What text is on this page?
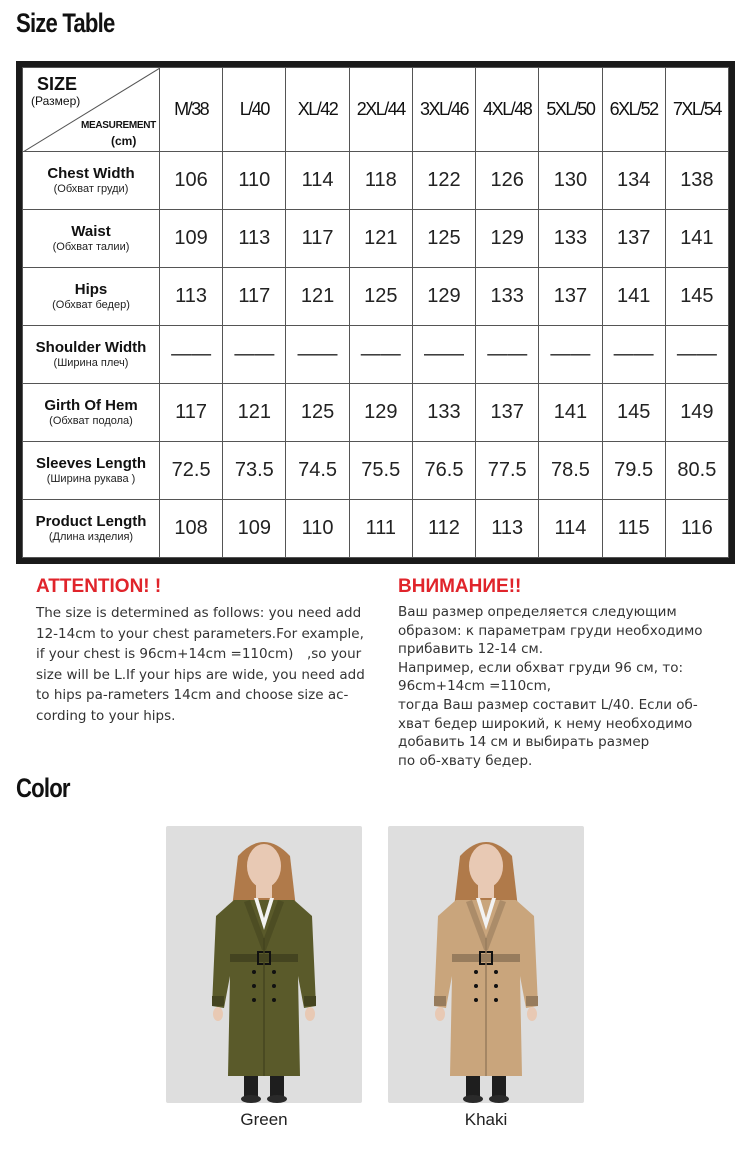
Size Table
SIZE
(Размер)
MEASUREMENT
(cm)	M/38	L/40	XL/42	2XL/44	3XL/46	4XL/48	5XL/50	6XL/52	7XL/54

Chest Width
(Обхват груди)	106	110	114	118	122	126	130	134	138

Waist
(Обхват талии)	109	113	117	121	125	129	133	137	141

Hips
(Обхват бедер)	113	117	121	125	129	133	137	141	145

Shoulder Width
(Ширина плеч)	——	——	——	——	——	——	——	——	——

Girth Of Hem
(Обхват подола)	117	121	125	129	133	137	141	145	149

Sleeves Length
(Ширина рукава )	72.5	73.5	74.5	75.5	76.5	77.5	78.5	79.5	80.5

Product Length
(Длина изделия)	108	109	110	111	112	113	114	115	116
ATTENTION! !
The size is determined as follows: you need add
12-14cm to your chest parameters.For example,
if your chest is 96cm+14cm =110cm)　,so your
size will be L.If your hips are wide, you need add
to hips pa-rameters 14cm and choose size ac-
cording to your hips.
ВНИМАНИЕ!!
Ваш размер определяется следующим
образом: к параметрам груди необходимо
прибавить 12-14 см.
Например, если обхват груди 96 см, то:
96cm+14cm =110cm,
тогда Ваш размер составит L/40. Если об-
хват бедер широкий, к нему необходимо
добавить 14 см и выбирать размер
по об-хвату бедер.
Color
Green	Khaki
